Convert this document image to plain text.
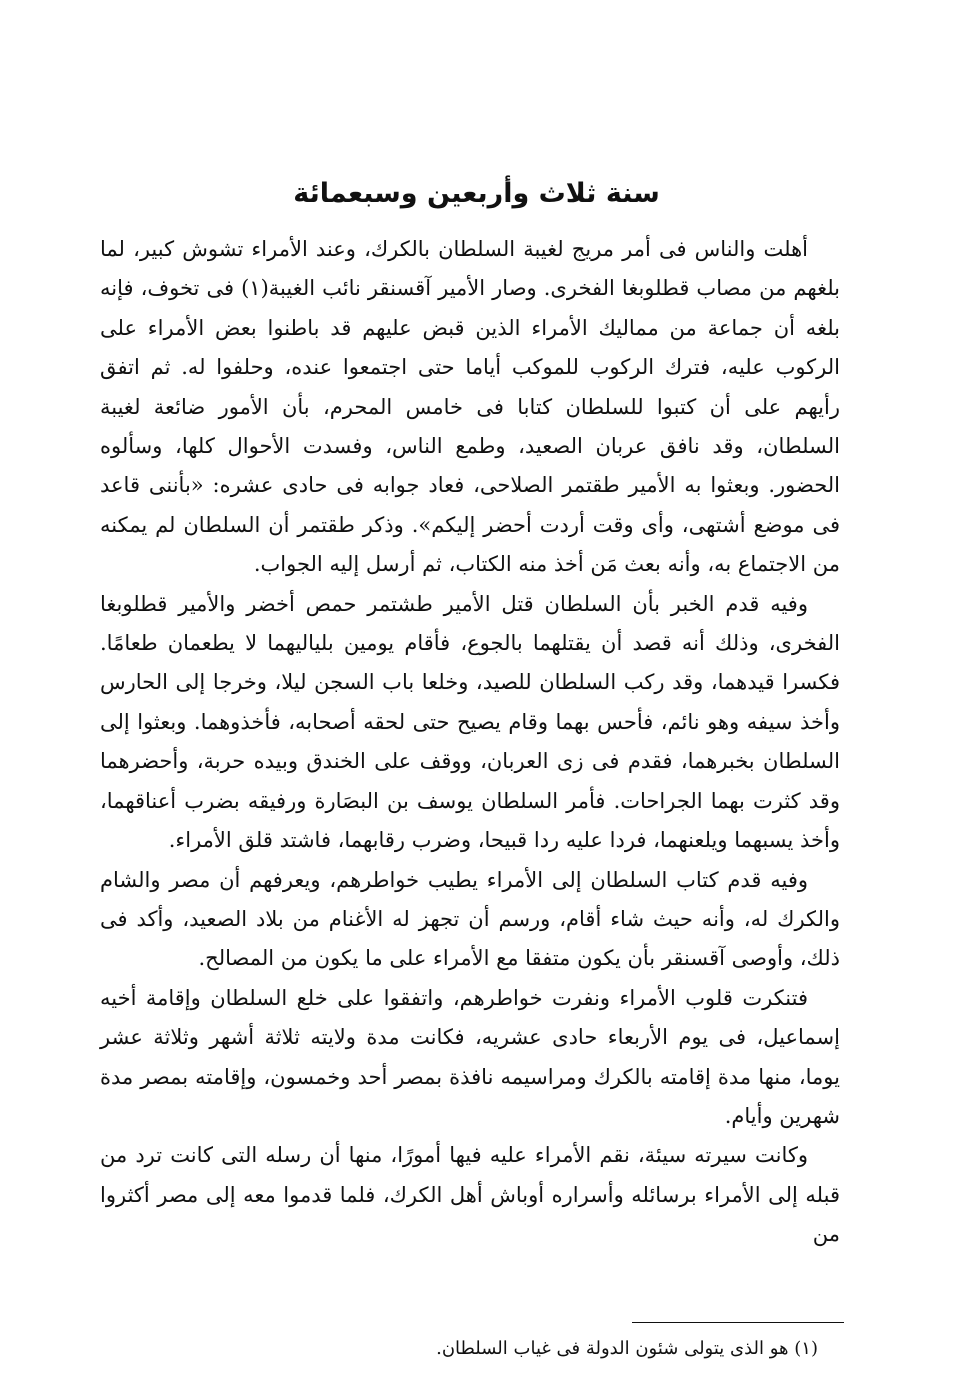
سنة ثلاث وأربعين وسبعمائة

أهلت والناس فى أمر مريج لغيبة السلطان بالكرك، وعند الأمراء تشوش كبير، لما بلغهم من مصاب قطلوبغا الفخرى. وصار الأمير آقسنقر نائب الغيبة(١) فى تخوف، فإنه بلغه أن جماعة من مماليك الأمراء الذين قبض عليهم قد باطنوا بعض الأمراء على الركوب عليه، فترك الركوب للموكب أياما حتى اجتمعوا عنده، وحلفوا له. ثم اتفق رأيهم على أن كتبوا للسلطان كتابا فى خامس المحرم، بأن الأمور ضائعة لغيبة السلطان، وقد نافق عربان الصعيد، وطمع الناس، وفسدت الأحوال كلها، وسألوه الحضور. وبعثوا به الأمير طقتمر الصلاحى، فعاد جوابه فى حادى عشره: «بأننى قاعد فى موضع أشتهى، وأى وقت أردت أحضر إليكم». وذكر طقتمر أن السلطان لم يمكنه من الاجتماع به، وأنه بعث مَن أخذ منه الكتاب، ثم أرسل إليه الجواب.

وفيه قدم الخبر بأن السلطان قتل الأمير طشتمر حمص أخضر والأمير قطلوبغا الفخرى، وذلك أنه قصد أن يقتلهما بالجوع، فأقام يومين بلياليهما لا يطعمان طعامًا. فكسرا قيدهما، وقد ركب السلطان للصيد، وخلعا باب السجن ليلا، وخرجا إلى الحارس وأخذ سيفه وهو نائم، فأحس بهما وقام يصيح حتى لحقه أصحابه، فأخذوهما. وبعثوا إلى السلطان بخبرهما، فقدم فى زى العربان، ووقف على الخندق وبيده حربة، وأحضرهما وقد كثرت بهما الجراحات. فأمر السلطان يوسف بن البصَارة ورفيقه بضرب أعناقهما، وأخذ يسبهما ويلعنهما، فردا عليه ردا قبيحا، وضرب رقابهما، فاشتد قلق الأمراء.

وفيه قدم كتاب السلطان إلى الأمراء يطيب خواطرهم، ويعرفهم أن مصر والشام والكرك له، وأنه حيث شاء أقام، ورسم أن تجهز له الأغنام من بلاد الصعيد، وأكد فى ذلك، وأوصى آقسنقر بأن يكون متفقا مع الأمراء على ما يكون من المصالح.

فتنكرت قلوب الأمراء ونفرت خواطرهم، واتفقوا على خلع السلطان وإقامة أخيه إسماعيل، فى يوم الأربعاء حادى عشريه، فكانت مدة ولايته ثلاثة أشهر وثلاثة عشر يوما، منها مدة إقامته بالكرك ومراسيمه نافذة بمصر أحد وخمسون، وإقامته بمصر مدة شهرين وأيام.

وكانت سيرته سيئة، نقم الأمراء عليه فيها أمورًا، منها أن رسله التى كانت ترد من قبله إلى الأمراء برسائله وأسراره أوباش أهل الكرك، فلما قدموا معه إلى مصر أكثروا من

(١) هو الذى يتولى شئون الدولة فى غياب السلطان.
